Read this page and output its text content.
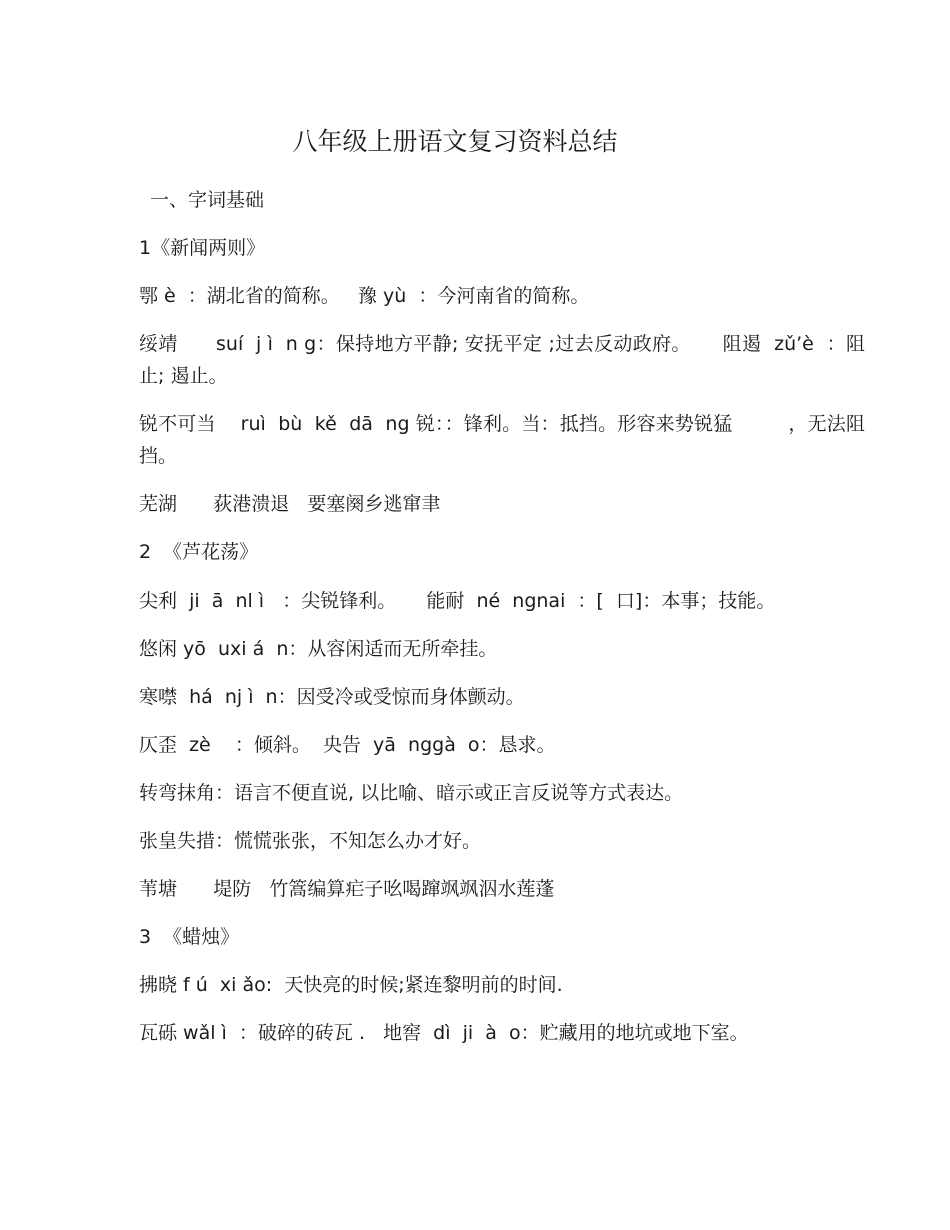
八年级上册语文复习资料总结

一、字词基础

1《新闻两则》

鄂 è  ：湖北省的简称。   豫 yù  ：今河南省的简称。

绥靖      suí  j ì  n g：保持地方平静; 安抚平定 ;过去反动政府。     阻遏  zǔ’è  ：阻止; 遏止。

锐不可当    ruì  bù  kě  dā  ng 锐：：锋利。当：抵挡。形容来势锐猛         ，无法阻挡。

芜湖      荻港溃退   要塞阕乡逃窜聿

2  《芦花荡》

尖利  ji  ā  nl ì   ：尖锐锋利。     能耐  né  ngnai  ：[  口]：本事；技能。

悠闲 yō  uxi á  n：从容闲适而无所牵挂。

寒噤  há  nj ì  n：因受冷或受惊而身体颤动。

仄歪  zè    ：倾斜。  央告  yā  nggà  o：恳求。

转弯抹角：语言不便直说, 以比喻、暗示或正言反说等方式表达。

张皇失措：慌慌张张，不知怎么办才好。

苇塘      堤防   竹篙编算疟子吆喝蹿飒飒泅水莲蓬

3  《蜡烛》

拂晓 f ú  xi ǎo:  天快亮的时候;紧连黎明前的时间.

瓦砾 wǎl ì  ：破碎的砖瓦 .   地窖  dì  ji  à  o：贮藏用的地坑或地下室。
